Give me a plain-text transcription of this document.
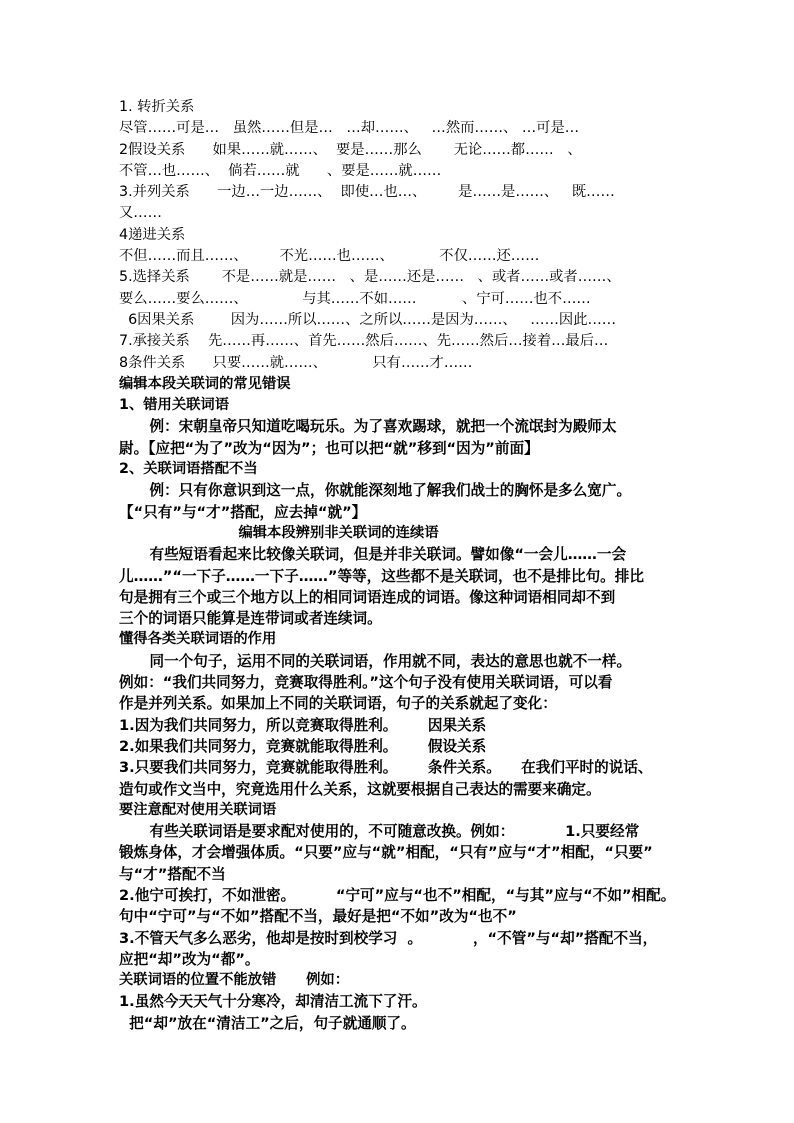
1. 转折关系
尽管……可是…   虽然……但是…   …却……、   …然而……、 …可是…
2假设关系      如果……就……、  要是……那么       无论……都……   、
不管…也……、  倘若……就      、要是……就……
3.并列关系      一边…一边……、  即使…也…、       是……是……、   既……
又……
4递进关系
不但……而且……、       不光……也……、          不仅……还……
5.选择关系       不是……就是……   、是……还是……   、或者……或者……、
要么……要么……、            与其……不如……          、宁可……也不……
6因果关系        因为……所以……、之所以……是因为……、   ……因此……
7.承接关系    先……再……、首先……然后……、先……然后…接着…最后…
8条件关系      只要……就……、          只有……才……
编辑本段关联词的常见错误
1、错用关联词语
例：宋朝皇帝只知道吃喝玩乐。为了喜欢踢球，就把一个流氓封为殿师太
尉。【应把“为了”改为“因为”；也可以把“就”移到“因为”前面】
2、关联词语搭配不当
例：只有你意识到这一点，你就能深刻地了解我们战士的胸怀是多么宽广。
【“只有”与“才”搭配，应去掉“就”】
编辑本段辨别非关联词的连续语
有些短语看起来比较像关联词，但是并非关联词。譬如像“一会儿……一会
儿……”“一下子……一下子……”等等，这些都不是关联词，也不是排比句。排比
句是拥有三个或三个地方以上的相同词语连成的词语。像这种词语相同却不到
三个的词语只能算是连带词或者连续词。
懂得各类关联词语的作用
同一个句子，运用不同的关联词语，作用就不同，表达的意思也就不一样。
例如：“我们共同努力，竞赛取得胜利。”这个句子没有使用关联词语，可以看
作是并列关系。如果加上不同的关联词语，句子的关系就起了变化：
1.因为我们共同努力，所以竞赛取得胜利。      因果关系
2.如果我们共同努力，竞赛就能取得胜利。      假设关系
3.只要我们共同努力，竞赛就能取得胜利。      条件关系。    在我们平时的说话、
造句或作文当中，究竟选用什么关系，这就要根据自己表达的需要来确定。
要注意配对使用关联词语
有些关联词语是要求配对使用的，不可随意改换。例如：          1.只要经常
锻炼身体，才会增强体质。“只要”应与“就”相配，“只有”应与“才”相配，“只要”
与“才”搭配不当
2.他宁可挨打，不如泄密。        “宁可”应与“也不”相配，“与其”应与“不如”相配。
句中“宁可”与“不如”搭配不当，最好是把“不如”改为“也不”
3.不管天气多么恶劣，他却是按时到校学习  。          ，“不管”与“却”搭配不当，
应把“却”改为“都”。
关联词语的位置不能放错      例如：
1.虽然今天天气十分寒冷，却清洁工流下了汗。
把“却”放在“清洁工”之后，句子就通顺了。
